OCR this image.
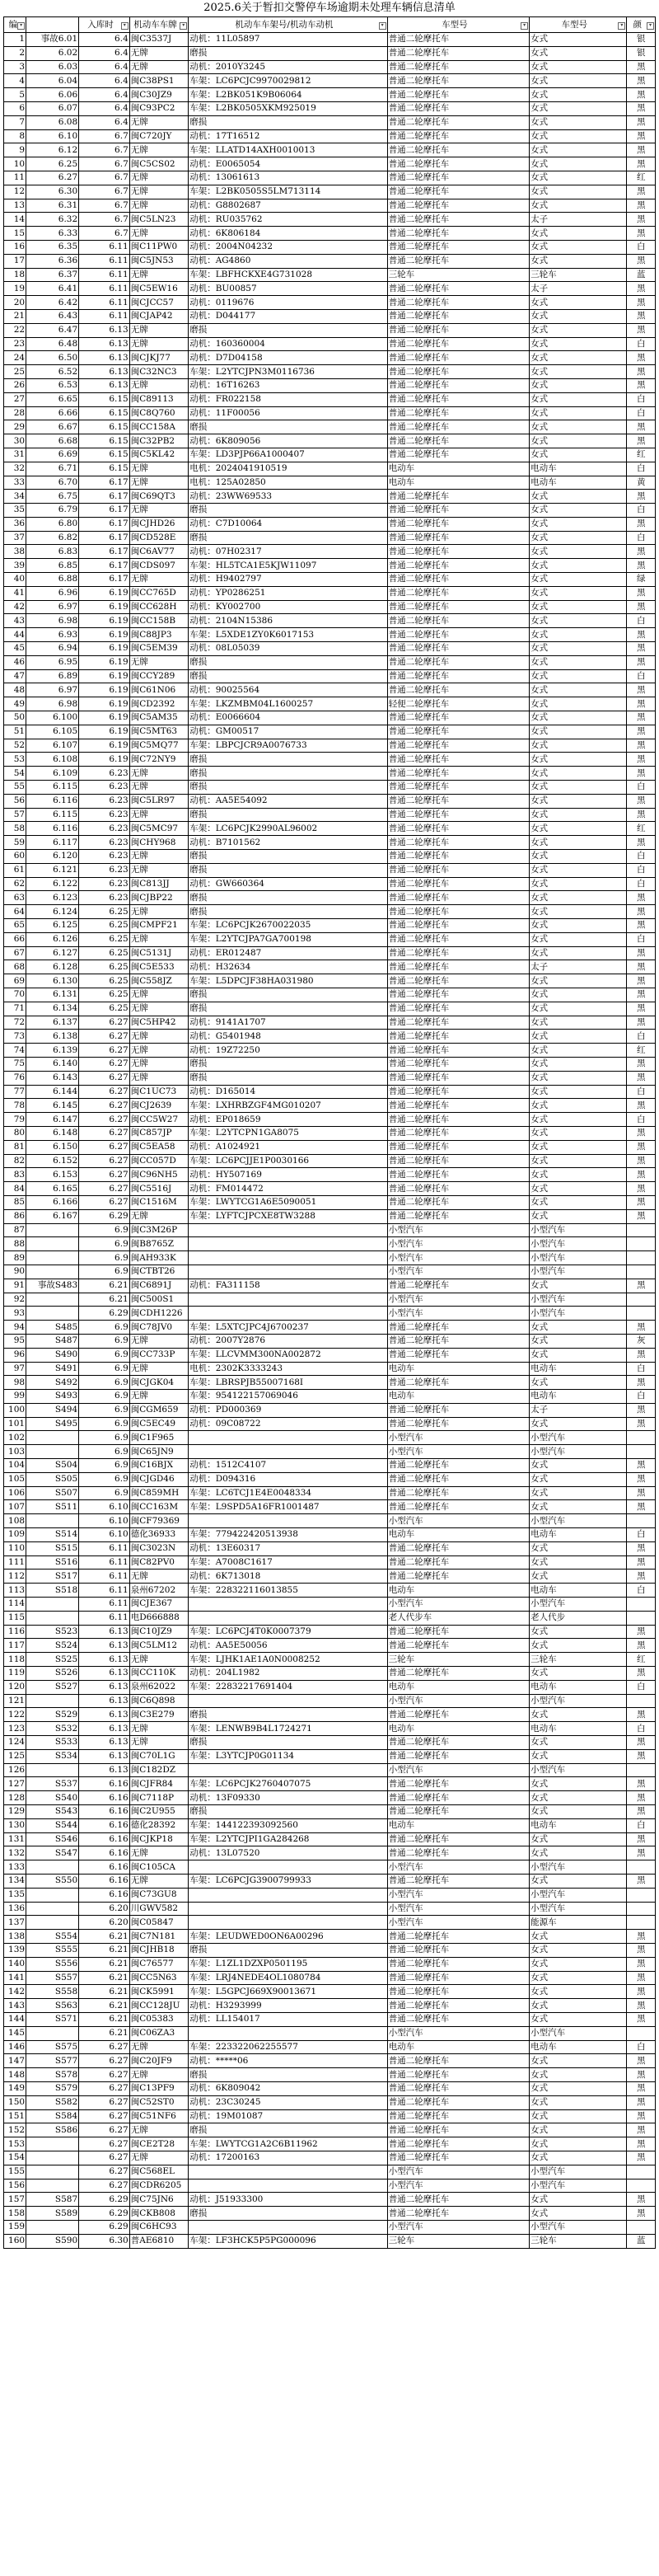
2025.6关于暂扣交警停车场逾期未处理车辆信息清单
编 ▾		入库时 ▾	机动车车牌 ▾	机动车车架号/机动车动机 ▾	车型号 ▾	车型号 ▾	颜 ▾

1	事故6.01	6.4	闽C3537J	动机：11L05897	普通二轮摩托车	女式	银
2	6.02	6.4	无牌	磨损	普通二轮摩托车	女式	银
3	6.03	6.4	无牌	动机：2010Y3245	普通二轮摩托车	女式	黑
4	6.04	6.4	闽C38PS1	车架：LC6PCJC9970029812	普通二轮摩托车	女式	黑
5	6.06	6.4	闽C30JZ9	车架：L2BK051K9B06064	普通二轮摩托车	女式	黑
6	6.07	6.4	闽C93PC2	车架：L2BK0505XKM925019	普通二轮摩托车	女式	黑
7	6.08	6.4	无牌	磨损	普通二轮摩托车	女式	黑
8	6.10	6.7	闽C720JY	动机：17T16512	普通二轮摩托车	女式	黑
9	6.12	6.7	无牌	车架：LLATD14AXH0010013	普通二轮摩托车	女式	黑
10	6.25	6.7	闽C5CS02	动机：E0065054	普通二轮摩托车	女式	黑
11	6.27	6.7	无牌	动机：13061613	普通二轮摩托车	女式	红
12	6.30	6.7	无牌	车架：L2BK0505S5LM713114	普通二轮摩托车	女式	黑
13	6.31	6.7	无牌	动机：G8802687	普通二轮摩托车	女式	黑
14	6.32	6.7	闽C5LN23	动机：RU035762	普通二轮摩托车	太子	黑
15	6.33	6.7	无牌	动机：6K806184	普通二轮摩托车	女式	黑
16	6.35	6.11	闽C11PW0	动机：2004N04232	普通二轮摩托车	女式	白
17	6.36	6.11	闽C5JN53	动机：AG4860	普通二轮摩托车	女式	黑
18	6.37	6.11	无牌	车架：LBFHCKXE4G731028	三轮车	三轮车	蓝
19	6.41	6.11	闽C5EW16	动机：BU00857	普通二轮摩托车	太子	黑
20	6.42	6.11	闽CJCC57	动机：0119676	普通二轮摩托车	女式	黑
21	6.43	6.11	闽CJAP42	动机：D044177	普通二轮摩托车	女式	黑
22	6.47	6.13	无牌	磨损	普通二轮摩托车	女式	黑
23	6.48	6.13	无牌	动机：160360004	普通二轮摩托车	女式	白
24	6.50	6.13	闽CJKJ77	动机：D7D04158	普通二轮摩托车	女式	黑
25	6.52	6.13	闽C32NC3	车架：L2YTCJPN3M0116736	普通二轮摩托车	女式	黑
26	6.53	6.13	无牌	动机：16T16263	普通二轮摩托车	女式	黑
27	6.65	6.15	闽C89113	动机：FR022158	普通二轮摩托车	女式	白
28	6.66	6.15	闽C8Q760	动机：11F00056	普通二轮摩托车	女式	白
29	6.67	6.15	闽CC158A	磨损	普通二轮摩托车	女式	黑
30	6.68	6.15	闽C32PB2	动机：6K809056	普通二轮摩托车	女式	黑
31	6.69	6.15	闽C5KL42	车架：LD3PJP66A1000407	普通二轮摩托车	女式	红
32	6.71	6.15	无牌	电机：2024041910519	电动车	电动车	白
33	6.70	6.17	无牌	电机：125A02850	电动车	电动车	黄
34	6.75	6.17	闽C69QT3	动机：23WW69533	普通二轮摩托车	女式	黑
35	6.79	6.17	无牌	磨损	普通二轮摩托车	女式	白
36	6.80	6.17	闽CJHD26	动机：C7D10064	普通二轮摩托车	女式	黑
37	6.82	6.17	闽CD528E	磨损	普通二轮摩托车	女式	白
38	6.83	6.17	闽C6AV77	动机：07H02317	普通二轮摩托车	女式	黑
39	6.85	6.17	闽CDS097	车架：HL5TCA1E5KJW11097	普通二轮摩托车	女式	黑
40	6.88	6.17	无牌	动机：H9402797	普通二轮摩托车	女式	绿
41	6.96	6.19	闽CC765D	动机：YP0286251	普通二轮摩托车	女式	黑
42	6.97	6.19	闽CC628H	动机：KY002700	普通二轮摩托车	女式	黑
43	6.98	6.19	闽CC158B	动机：2104N15386	普通二轮摩托车	女式	白
44	6.93	6.19	闽C88JP3	车架：L5XDE1ZY0K6017153	普通二轮摩托车	女式	黑
45	6.94	6.19	闽C5EM39	动机：08L05039	普通二轮摩托车	女式	黑
46	6.95	6.19	无牌	磨损	普通二轮摩托车	女式	黑
47	6.89	6.19	闽CCY289	磨损	普通二轮摩托车	女式	白
48	6.97	6.19	闽C61N06	动机：90025564	普通二轮摩托车	女式	黑
49	6.98	6.19	闽CD2392	车架：LKZMBM04L1600257	轻便二轮摩托车	女式	黑
50	6.100	6.19	闽C5AM35	动机：E0066604	普通二轮摩托车	女式	黑
51	6.105	6.19	闽C5MT63	动机：GM00517	普通二轮摩托车	女式	黑
52	6.107	6.19	闽C5MQ77	车架：LBPCJCR9A0076733	普通二轮摩托车	女式	黑
53	6.108	6.19	闽C72NY9	磨损	普通二轮摩托车	女式	黑
54	6.109	6.23	无牌	磨损	普通二轮摩托车	女式	黑
55	6.115	6.23	无牌	磨损	普通二轮摩托车	女式	白
56	6.116	6.23	闽C5LR97	动机：AA5E54092	普通二轮摩托车	女式	黑
57	6.115	6.23	无牌	磨损	普通二轮摩托车	女式	黑
58	6.116	6.23	闽C5MC97	车架：LC6PCJK2990AL96002	普通二轮摩托车	女式	红
59	6.117	6.23	闽CHY968	动机：B7101562	普通二轮摩托车	女式	黑
60	6.120	6.23	无牌	磨损	普通二轮摩托车	女式	白
61	6.121	6.23	无牌	磨损	普通二轮摩托车	女式	白
62	6.122	6.23	闽C813JJ	动机：GW660364	普通二轮摩托车	女式	白
63	6.123	6.23	闽CJBP22	磨损	普通二轮摩托车	女式	黑
64	6.124	6.25	无牌	磨损	普通二轮摩托车	女式	黑
65	6.125	6.25	闽CMPF21	车架：LC6PCJK2670022035	普通二轮摩托车	女式	黑
66	6.126	6.25	无牌	车架：L2YTCJPA7GA700198	普通二轮摩托车	女式	白
67	6.127	6.25	闽C5131J	动机：ER012487	普通二轮摩托车	女式	黑
68	6.128	6.25	闽C5E533	动机：H32634	普通二轮摩托车	太子	黑
69	6.130	6.25	闽C558JZ	车架：L5DPCJF38HA031980	普通二轮摩托车	女式	黑
70	6.131	6.25	无牌	磨损	普通二轮摩托车	女式	黑
71	6.134	6.25	无牌	磨损	普通二轮摩托车	女式	黑
72	6.137	6.27	闽C5HP42	动机：9141A1707	普通二轮摩托车	女式	黑
73	6.138	6.27	无牌	动机：G5401948	普通二轮摩托车	女式	白
74	6.139	6.27	无牌	动机：19Z72250	普通二轮摩托车	女式	红
75	6.140	6.27	无牌	磨损	普通二轮摩托车	女式	黑
76	6.143	6.27	无牌	磨损	普通二轮摩托车	女式	黑
77	6.144	6.27	闽C1UC73	动机：D165014	普通二轮摩托车	女式	白
78	6.145	6.27	闽CJ2639	车架：LXHRBZGF4MG010207	普通二轮摩托车	女式	黑
79	6.147	6.27	闽CC5W27	动机：EP018659	普通二轮摩托车	女式	白
80	6.148	6.27	闽C857JP	车架：L2YTCPN1GA8075	普通二轮摩托车	女式	黑
81	6.150	6.27	闽C5EA58	动机：A1024921	普通二轮摩托车	女式	黑
82	6.152	6.27	闽CC057D	车架：LC6PCJJE1P0030166	普通二轮摩托车	女式	黑
83	6.153	6.27	闽C96NH5	动机：HY507169	普通二轮摩托车	女式	黑
84	6.165	6.27	闽C5516J	动机：FM014472	普通二轮摩托车	女式	黑
85	6.166	6.27	闽C1516M	车架：LWYTCG1A6E5090051	普通二轮摩托车	女式	黑
86	6.167	6.29	无牌	车架：LYFTCJPCXE8TW3288	普通二轮摩托车	女式	黑
87		6.9	闽C3M26P		小型汽车	小型汽车	
88		6.9	闽B8765Z		小型汽车	小型汽车	
89		6.9	闽AH933K		小型汽车	小型汽车	
90		6.9	闽CTBT26		小型汽车	小型汽车	
91	事故S483	6.21	闽C6891J	动机：FA311158	普通二轮摩托车	女式	黑
92		6.21	闽C500S1		小型汽车	小型汽车	
93		6.29	闽CDH1226		小型汽车	小型汽车	
94	S485	6.9	闽C78JV0	车架：L5XTCJPC4J6700237	普通二轮摩托车	女式	黑
95	S487	6.9	无牌	动机：2007Y2876	普通二轮摩托车	女式	灰
96	S490	6.9	闽CC733P	车架：LLCVMM300NA002872	普通二轮摩托车	女式	黑
97	S491	6.9	无牌	电机：2302K3333243	电动车	电动车	白
98	S492	6.9	闽CJGK04	车架：LBRSPJB55007168I	普通二轮摩托车	女式	黑
99	S493	6.9	无牌	车架：954122157069046	电动车	电动车	白
100	S494	6.9	闽CGM659	动机：PD000369	普通二轮摩托车	太子	黑
101	S495	6.9	闽C5EC49	动机：09C08722	普通二轮摩托车	女式	黑
102		6.9	闽C1F965		小型汽车	小型汽车	
103		6.9	闽C65JN9		小型汽车	小型汽车	
104	S504	6.9	闽C16BJX	动机：1512C4107	普通二轮摩托车	女式	黑
105	S505	6.9	闽CJGD46	动机：D094316	普通二轮摩托车	女式	黑
106	S507	6.9	闽C859MH	车架：LC6TCJ1E4E0048334	普通二轮摩托车	女式	黑
107	S511	6.10	闽CC163M	车架：L9SPD5A16FR1001487	普通二轮摩托车	女式	黑
108		6.10	闽CF79369		小型汽车	小型汽车	
109	S514	6.10	德化36933	车架：779422420513938	电动车	电动车	白
110	S515	6.11	闽C3023N	动机：13E60317	普通二轮摩托车	女式	黑
111	S516	6.11	闽C82PV0	车架：A7008C1617	普通二轮摩托车	女式	黑
112	S517	6.11	无牌	动机：6K713018	普通二轮摩托车	女式	黑
113	S518	6.11	泉州67202	车架：228322116013855	电动车	电动车	白
114		6.11	闽CJE367		小型汽车	小型汽车	
115		6.11	电D666888		老人代步车	老人代步	
116	S523	6.13	闽C10JZ9	车架：LC6PCJ4T0K0007379	普通二轮摩托车	女式	黑
117	S524	6.13	闽C5LM12	动机：AA5E50056	普通二轮摩托车	女式	黑
118	S525	6.13	无牌	车架：LJHK1AE1A0N0008252	三轮车	三轮车	红
119	S526	6.13	闽CC110K	动机：204L1982	普通二轮摩托车	女式	黑
120	S527	6.13	泉州62022	车架：22832217691404	电动车	电动车	白
121		6.13	闽C6Q898		小型汽车	小型汽车	
122	S529	6.13	闽C3E279	磨损	普通二轮摩托车	女式	黑
123	S532	6.13	无牌	车架：LENWB9B4L1724271	电动车	电动车	白
124	S533	6.13	无牌	磨损	普通二轮摩托车	女式	黑
125	S534	6.13	闽C70L1G	车架：L3YTCJP0G01134	普通二轮摩托车	女式	黑
126		6.13	闽C182DZ		小型汽车	小型汽车	
127	S537	6.16	闽CJFR84	车架：LC6PCJK2760407075	普通二轮摩托车	女式	黑
128	S540	6.16	闽C7118P	动机：13F09330	普通二轮摩托车	女式	黑
129	S543	6.16	闽C2U955	磨损	普通二轮摩托车	女式	黑
130	S544	6.16	德化28392	车架：144122393092560	电动车	电动车	白
131	S546	6.16	闽CJKP18	车架：L2YTCJPI1GA284268	普通二轮摩托车	女式	黑
132	S547	6.16	无牌	动机：13L07520	普通二轮摩托车	女式	黑
133		6.16	闽C105CA		小型汽车	小型汽车	
134	S550	6.16	无牌	车架：LC6PCJG3900799933	普通二轮摩托车	女式	黑
135		6.16	闽C73GU8		小型汽车	小型汽车	
136		6.20	川GWV582		小型汽车	小型汽车	
137		6.20	闽C05847		小型汽车	能源车	
138	S554	6.21	闽C7N181	车架：LEUDWED0ON6A00296	普通二轮摩托车	女式	黑
139	S555	6.21	闽CJHB18	磨损	普通二轮摩托车	女式	黑
140	S556	6.21	闽C76577	车架：L1ZL1DZXP0501195	普通二轮摩托车	女式	黑
141	S557	6.21	闽CC5N63	车架：LRJ4NEDE4OL1080784	普通二轮摩托车	女式	黑
142	S558	6.21	闽CK5991	车架：L5GPCJ669X90013671	普通二轮摩托车	女式	黑
143	S563	6.21	闽CC128JU	动机：H3293999	普通二轮摩托车	女式	黑
144	S571	6.21	闽C05383	动机：LL154017	普通二轮摩托车	女式	黑
145		6.21	闽C06ZA3		小型汽车	小型汽车	
146	S575	6.27	无牌	车架：223322062255577	电动车	电动车	白
147	S577	6.27	闽C20JF9	动机：*****06	普通二轮摩托车	女式	黑
148	S578	6.27	无牌	磨损	普通二轮摩托车	女式	黑
149	S579	6.27	闽C13PF9	动机：6K809042	普通二轮摩托车	女式	黑
150	S582	6.27	闽C52ST0	动机：23C30245	普通二轮摩托车	女式	黑
151	S584	6.27	闽C51NF6	动机：19M01087	普通二轮摩托车	女式	黑
152	S586	6.27	无牌	磨损	普通二轮摩托车	女式	黑
153		6.27	闽CE2T28	车架：LWYTCG1A2C6B11962	普通二轮摩托车	女式	黑
154		6.27	无牌	动机：17200163	普通二轮摩托车	女式	黑
155		6.27	闽C568EL		小型汽车	小型汽车	
156		6.27	闽CDR6205		小型汽车	小型汽车	
157	S587	6.29	闽C75JN6	动机：J51933300	普通二轮摩托车	女式	黑
158	S589	6.29	闽CKB808	磨损	普通二轮摩托车	女式	黑
159		6.29	闽C6HC93		小型汽车	小型汽车	
160	S590	6.30	普AE6810	车架：LF3HCK5P5PG000096	三轮车	三轮车	蓝
